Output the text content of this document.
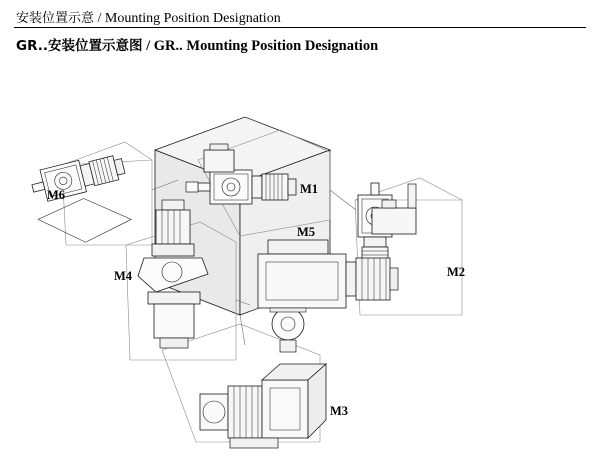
安装位置示意 / Mounting Position Designation
GR..安装位置示意图 / GR.. Mounting Position Designation
M6	M1
M5
M4	M2
M3
